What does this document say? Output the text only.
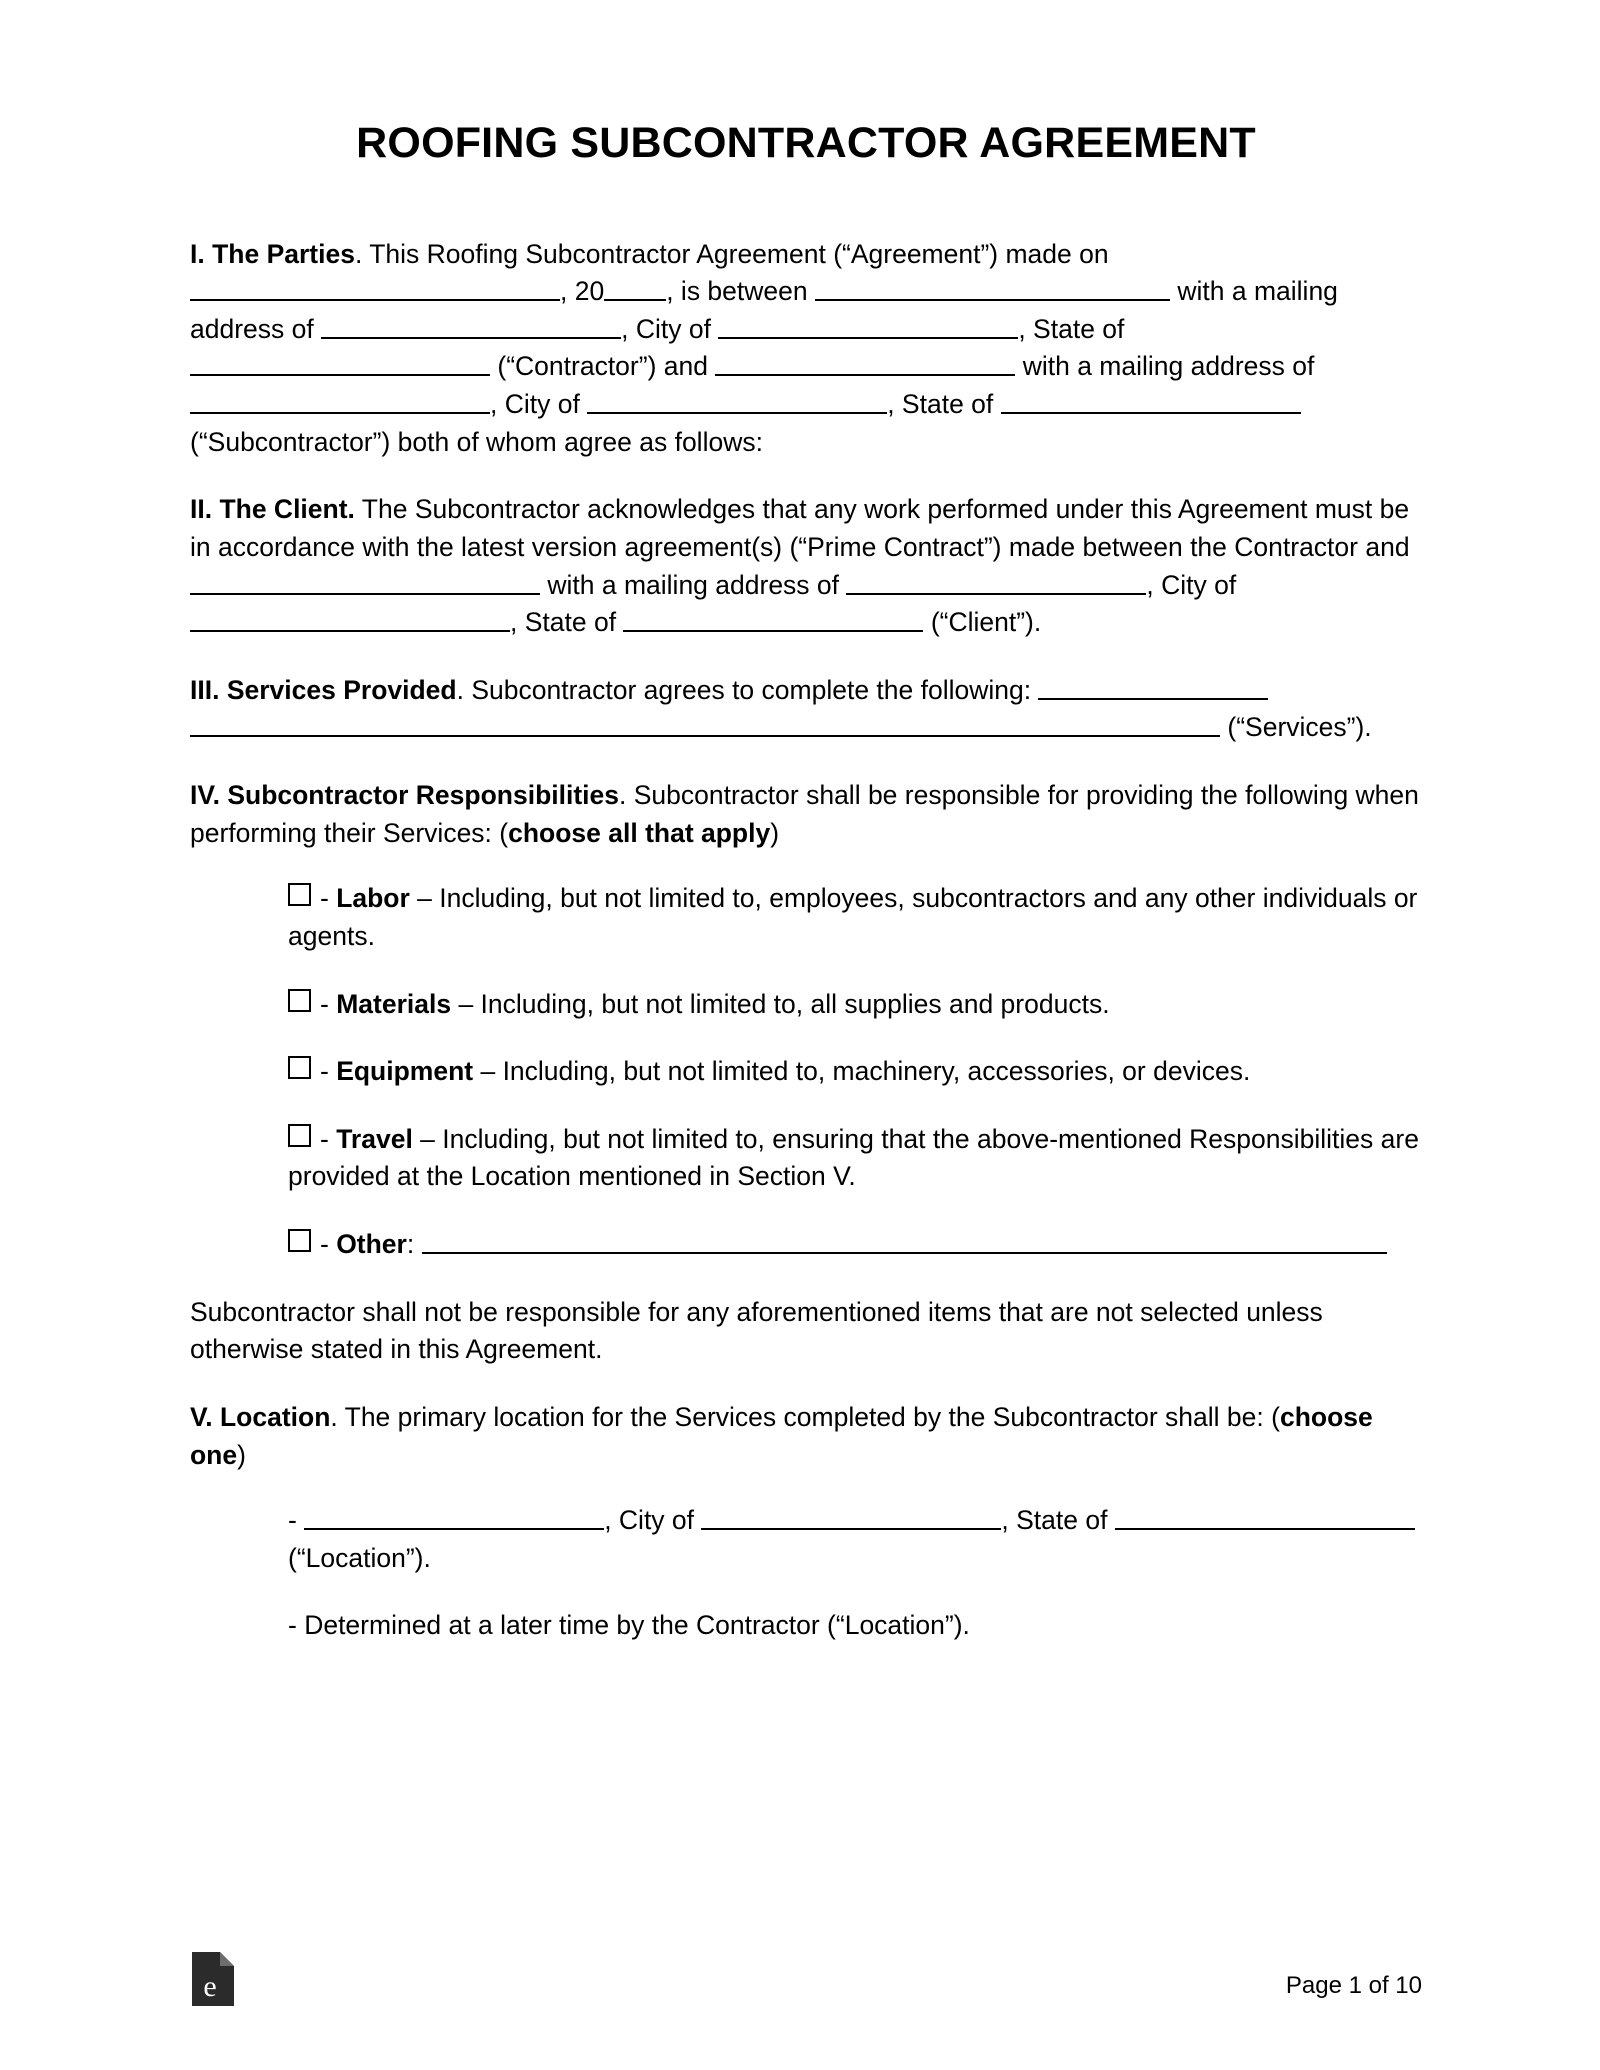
ROOFING SUBCONTRACTOR AGREEMENT

I. The Parties. This Roofing Subcontractor Agreement (“Agreement”) made on , 20 , is between	with a mailing address of	, City of	, State of  (“Contractor”) and	with a mailing address of , City of	, State of  (“Subcontractor”) both of whom agree as follows:

II. The Client. The Subcontractor acknowledges that any work performed under this Agreement must be in accordance with the latest version agreement(s) (“Prime Contract”) made between the Contractor and  with a mailing address of	, City of , State of	(“Client”).

III. Services Provided. Subcontractor agrees to complete the following:   (“Services”).

IV. Subcontractor Responsibilities. Subcontractor shall be responsible for providing the following when performing their Services: (choose all that apply)

- Labor – Including, but not limited to, employees, subcontractors and any other individuals or agents.

- Materials – Including, but not limited to, all supplies and products.

- Equipment – Including, but not limited to, machinery, accessories, or devices.

- Travel – Including, but not limited to, ensuring that the above-mentioned Responsibilities are provided at the Location mentioned in Section V.

- Other:

Subcontractor shall not be responsible for any aforementioned items that are not selected unless otherwise stated in this Agreement.

V. Location. The primary location for the Services completed by the Subcontractor shall be: (choose one)

-	, City of	, State of  (“Location”).

- Determined at a later time by the Contractor (“Location”).

e	Page 1 of 10
